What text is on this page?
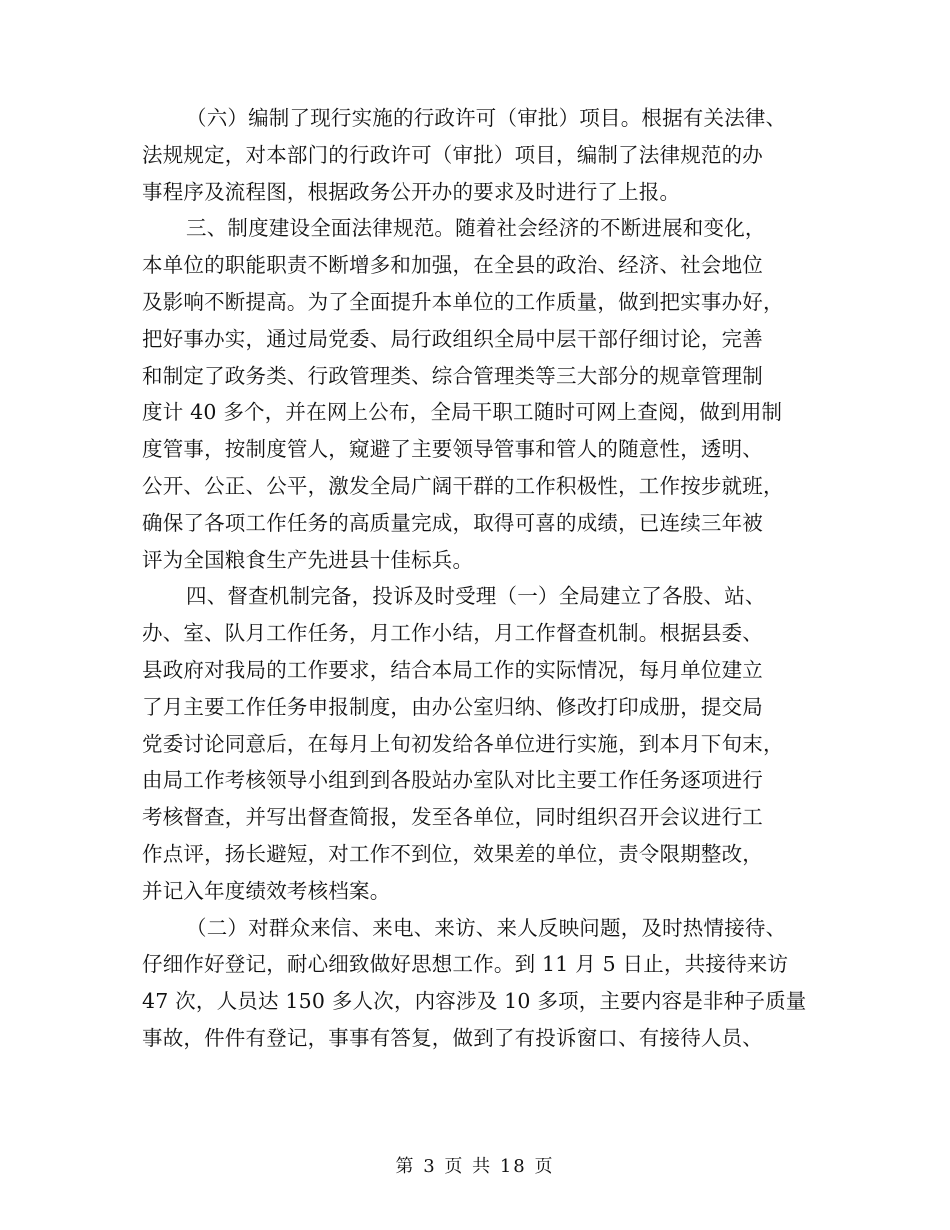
（六）编制了现行实施的行政许可（审批）项目。根据有关法律、
法规规定，对本部门的行政许可（审批）项目，编制了法律规范的办
事程序及流程图，根据政务公开办的要求及时进行了上报。

三、制度建设全面法律规范。随着社会经济的不断进展和变化，
本单位的职能职责不断增多和加强，在全县的政治、经济、社会地位
及影响不断提高。为了全面提升本单位的工作质量，做到把实事办好，
把好事办实，通过局党委、局行政组织全局中层干部仔细讨论，完善
和制定了政务类、行政管理类、综合管理类等三大部分的规章管理制
度计 40 多个，并在网上公布，全局干职工随时可网上查阅，做到用制
度管事，按制度管人，窥避了主要领导管事和管人的随意性，透明、
公开、公正、公平，激发全局广阔干群的工作积极性，工作按步就班，
确保了各项工作任务的高质量完成，取得可喜的成绩，已连续三年被
评为全国粮食生产先进县十佳标兵。

四、督查机制完备，投诉及时受理（一）全局建立了各股、站、
办、室、队月工作任务，月工作小结，月工作督查机制。根据县委、
县政府对我局的工作要求，结合本局工作的实际情况，每月单位建立
了月主要工作任务申报制度，由办公室归纳、修改打印成册，提交局
党委讨论同意后，在每月上旬初发给各单位进行实施，到本月下旬末，
由局工作考核领导小组到到各股站办室队对比主要工作任务逐项进行
考核督查，并写出督查简报，发至各单位，同时组织召开会议进行工
作点评，扬长避短，对工作不到位，效果差的单位，责令限期整改，
并记入年度绩效考核档案。

（二）对群众来信、来电、来访、来人反映问题，及时热情接待、
仔细作好登记，耐心细致做好思想工作。到 11 月 5 日止，共接待来访
47 次，人员达 150 多人次，内容涉及 10 多项，主要内容是非种子质量
事故，件件有登记，事事有答复，做到了有投诉窗口、有接待人员、

第 3 页 共 18 页
